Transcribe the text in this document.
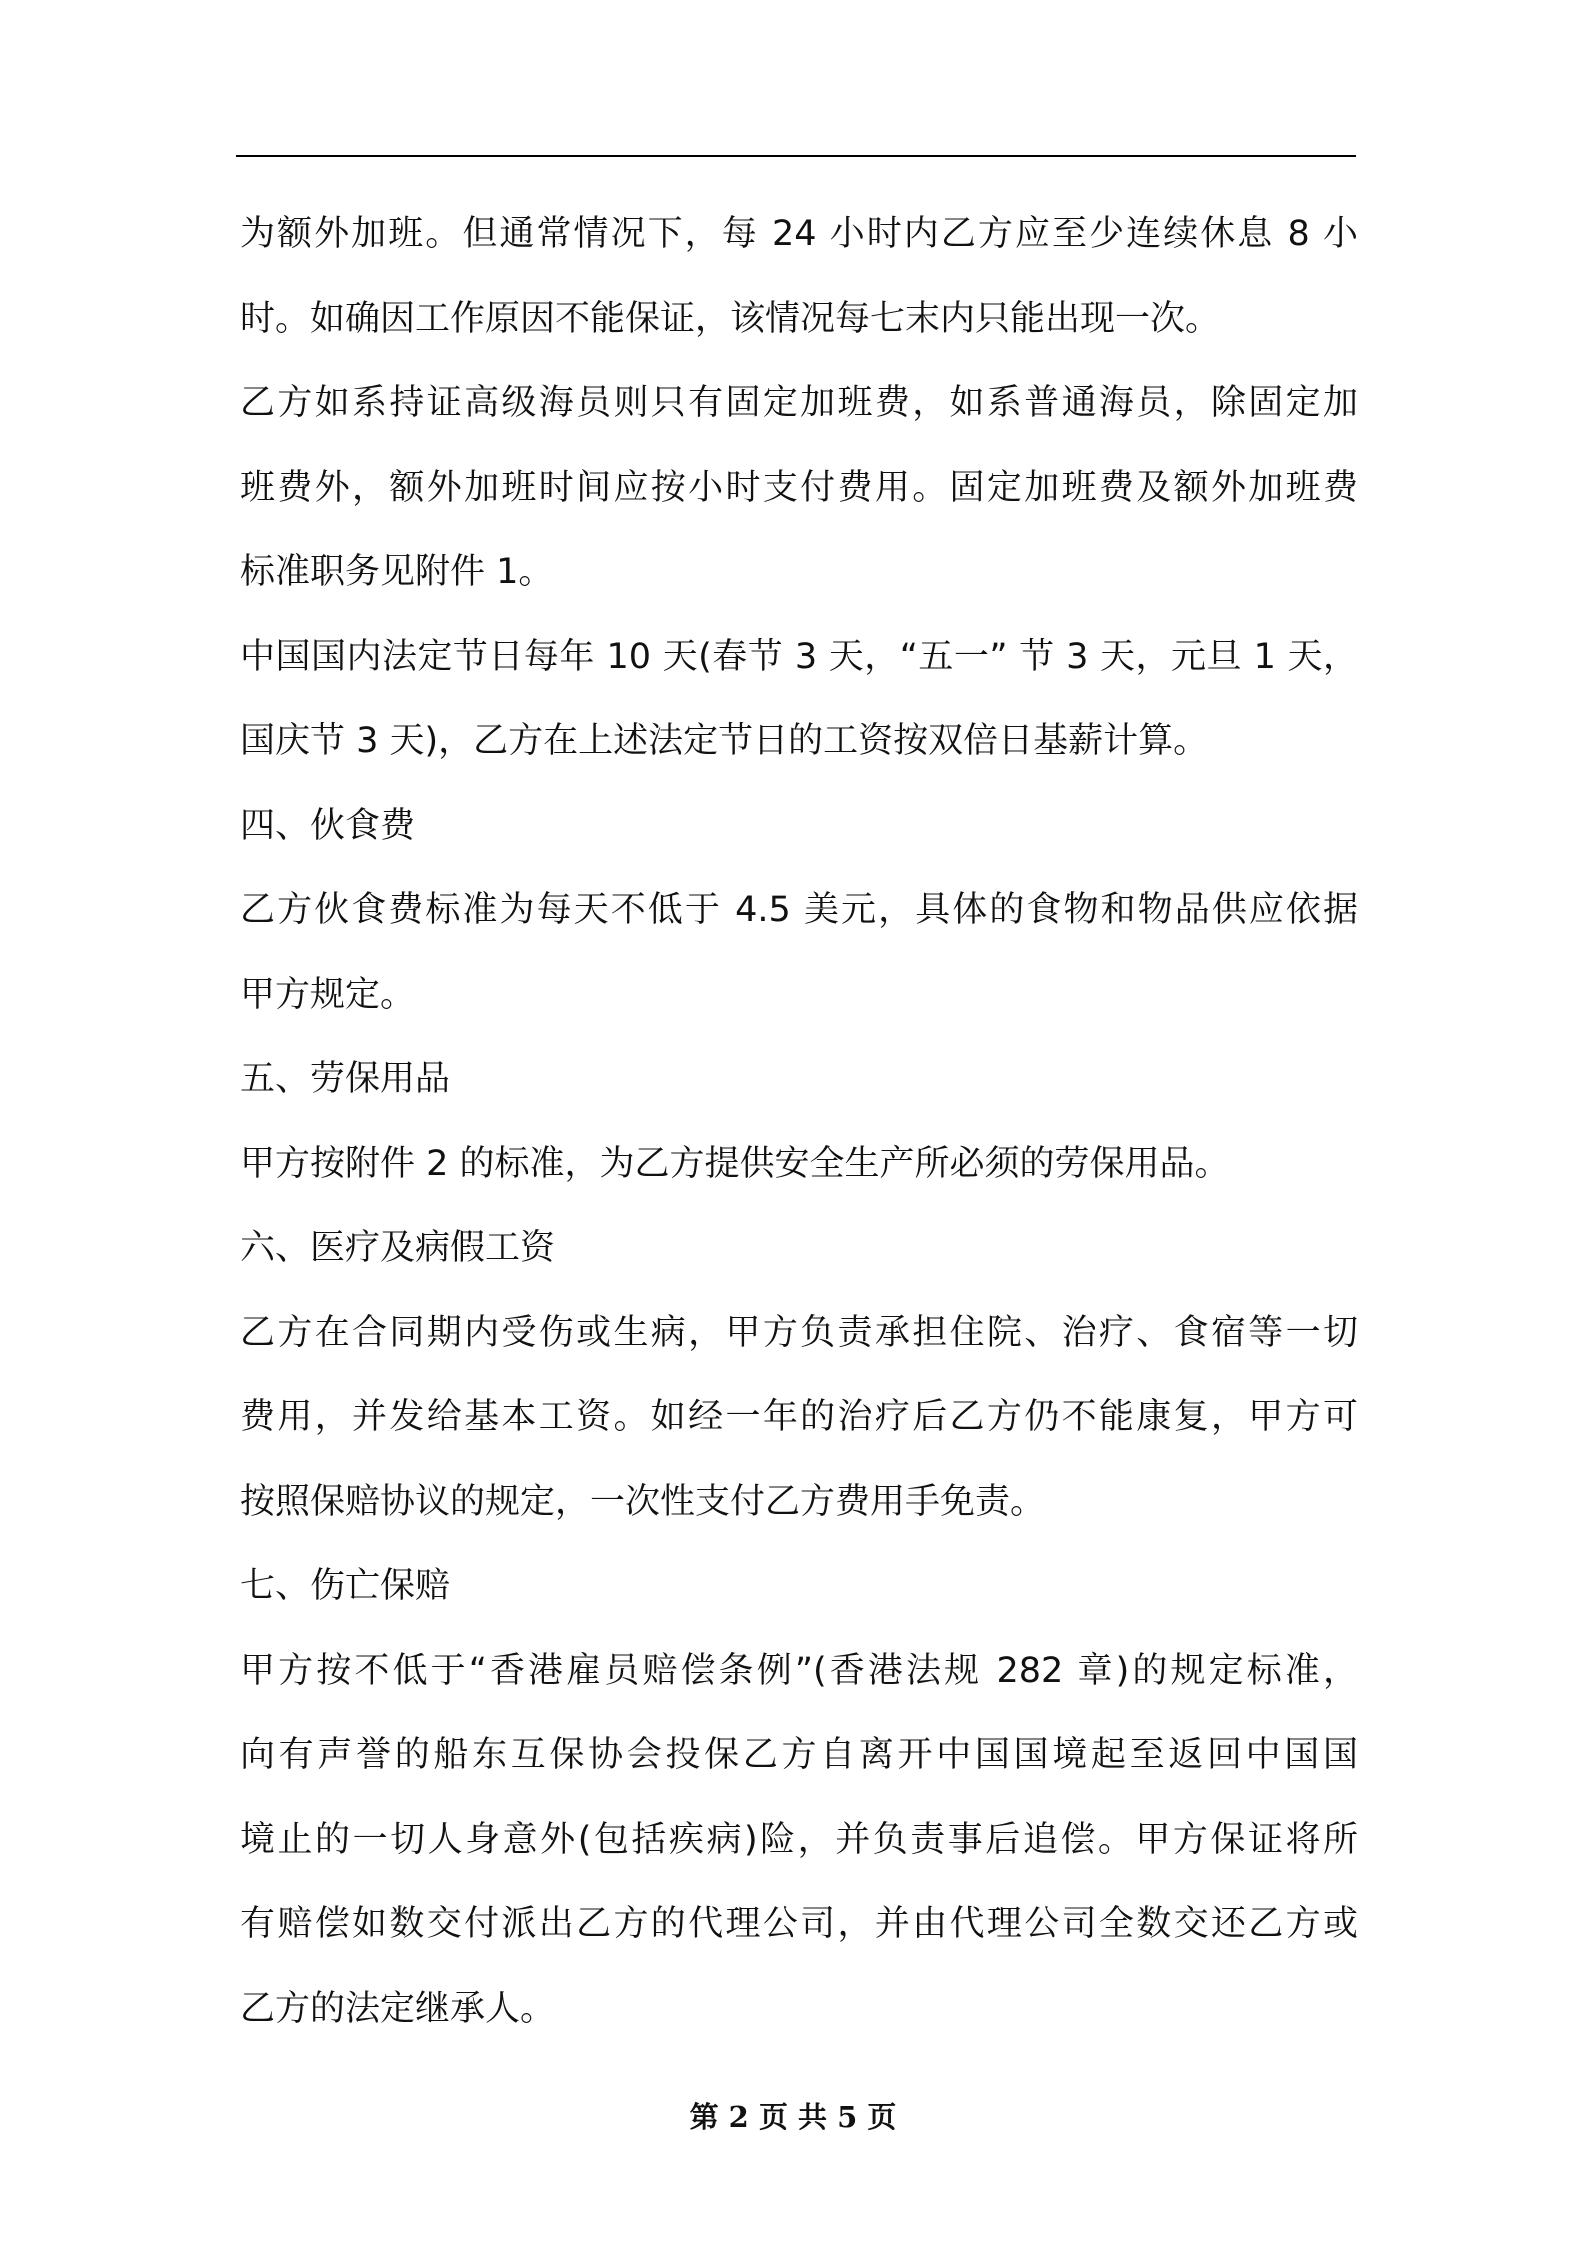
为额外加班。但通常情况下，每 24 小时内乙方应至少连续休息 8 小

时。如确因工作原因不能保证，该情况每七末内只能出现一次。

乙方如系持证高级海员则只有固定加班费，如系普通海员，除固定加

班费外，额外加班时间应按小时支付费用。固定加班费及额外加班费

标准职务见附件 1。

中国国内法定节日每年 10 天(春节 3 天，“五一” 节 3 天，元旦 1 天，

国庆节 3 天)，乙方在上述法定节日的工资按双倍日基薪计算。

四、伙食费

乙方伙食费标准为每天不低于 4.5 美元，具体的食物和物品供应依据

甲方规定。

五、劳保用品

甲方按附件 2 的标准，为乙方提供安全生产所必须的劳保用品。

六、医疗及病假工资

乙方在合同期内受伤或生病，甲方负责承担住院、治疗、食宿等一切

费用，并发给基本工资。如经一年的治疗后乙方仍不能康复，甲方可

按照保赔协议的规定，一次性支付乙方费用手免责。

七、伤亡保赔

甲方按不低于“香港雇员赔偿条例”(香港法规 282 章)的规定标准，

向有声誉的船东互保协会投保乙方自离开中国国境起至返回中国国

境止的一切人身意外(包括疾病)险，并负责事后追偿。甲方保证将所

有赔偿如数交付派出乙方的代理公司，并由代理公司全数交还乙方或

乙方的法定继承人。

第 2 页 共 5 页
